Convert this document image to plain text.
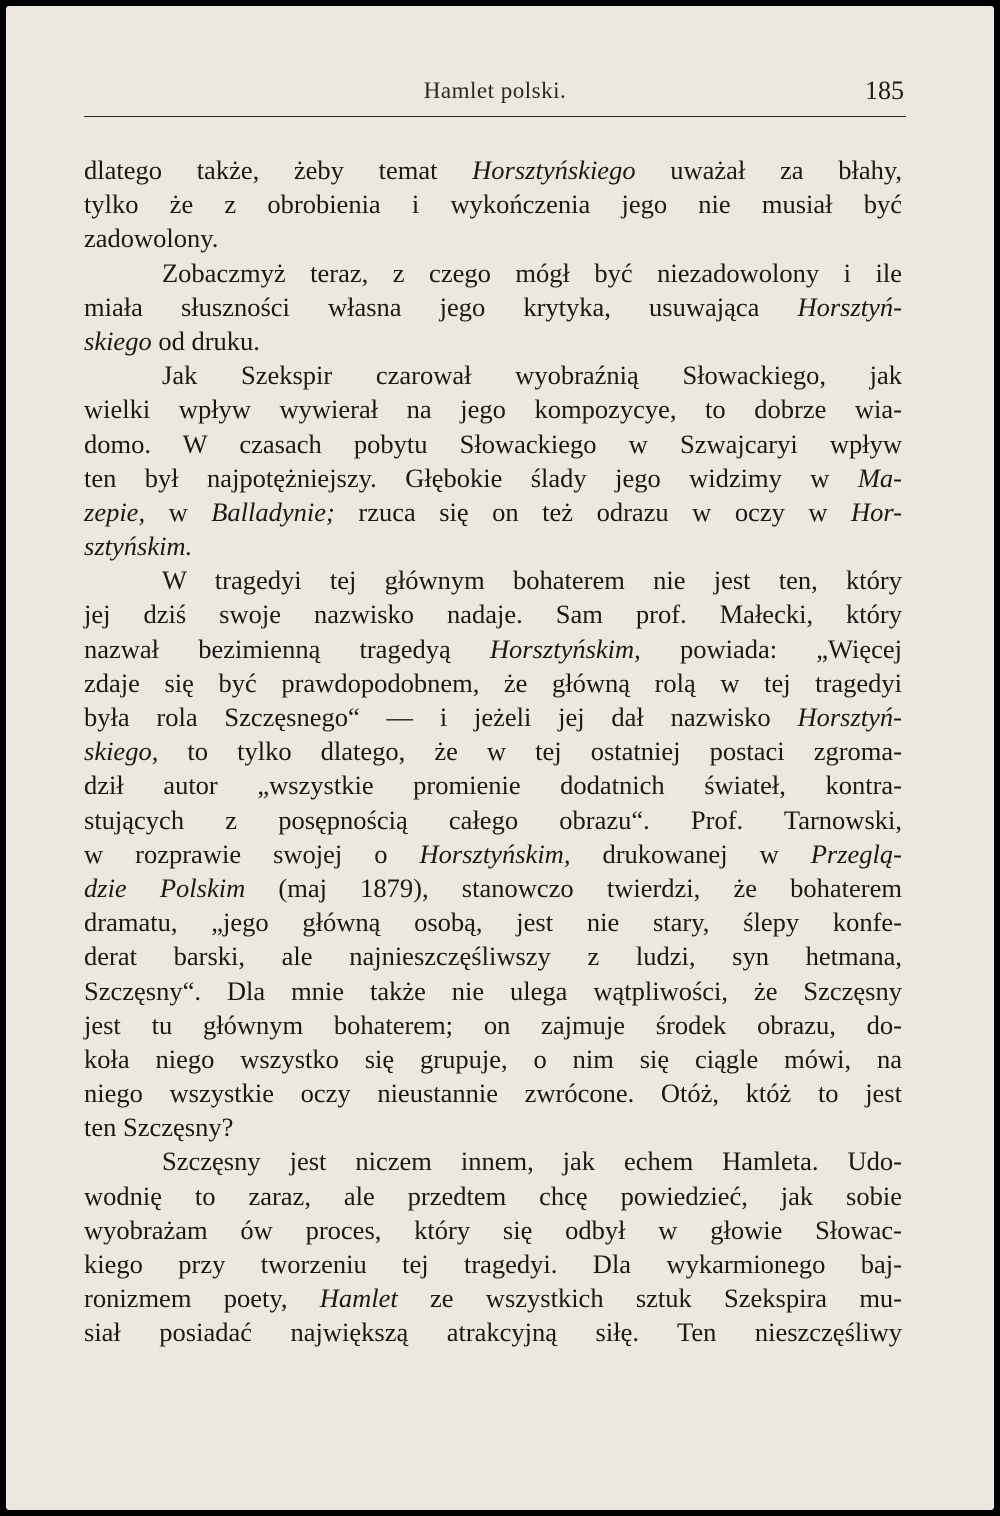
Hamlet polski.	185
dlatego także, żeby temat Horsztyńskiego uważał za błahy,
tylko że z obrobienia i wykończenia jego nie musiał być
zadowolony.
Zobaczmyż teraz, z czego mógł być niezadowolony i ile
miała słuszności własna jego krytyka, usuwająca Horsztyń-
skiego od druku.
Jak Szekspir czarował wyobraźnią Słowackiego, jak
wielki wpływ wywierał na jego kompozycye, to dobrze wia-
domo. W czasach pobytu Słowackiego w Szwajcaryi wpływ
ten był najpotężniejszy. Głębokie ślady jego widzimy w Ma-
zepie, w Balladynie; rzuca się on też odrazu w oczy w Hor-
sztyńskim.
W tragedyi tej głównym bohaterem nie jest ten, który
jej dziś swoje nazwisko nadaje. Sam prof. Małecki, który
nazwał bezimienną tragedyą Horsztyńskim, powiada: „Więcej
zdaje się być prawdopodobnem, że główną rolą w tej tragedyi
była rola Szczęsnego“ — i jeżeli jej dał nazwisko Horsztyń-
skiego, to tylko dlatego, że w tej ostatniej postaci zgroma-
dził autor „wszystkie promienie dodatnich świateł, kontra-
stujących z posępnością całego obrazu“. Prof. Tarnowski,
w rozprawie swojej o Horsztyńskim, drukowanej w Przeglą-
dzie Polskim (maj 1879), stanowczo twierdzi, że bohaterem
dramatu, „jego główną osobą, jest nie stary, ślepy konfe-
derat barski, ale najnieszczęśliwszy z ludzi, syn hetmana,
Szczęsny“. Dla mnie także nie ulega wątpliwości, że Szczęsny
jest tu głównym bohaterem; on zajmuje środek obrazu, do-
koła niego wszystko się grupuje, o nim się ciągle mówi, na
niego wszystkie oczy nieustannie zwrócone. Otóż, któż to jest
ten Szczęsny?
Szczęsny jest niczem innem, jak echem Hamleta. Udo-
wodnię to zaraz, ale przedtem chcę powiedzieć, jak sobie
wyobrażam ów proces, który się odbył w głowie Słowac-
kiego przy tworzeniu tej tragedyi. Dla wykarmionego baj-
ronizmem poety, Hamlet ze wszystkich sztuk Szekspira mu-
siał posiadać największą atrakcyjną siłę. Ten nieszczęśliwy
